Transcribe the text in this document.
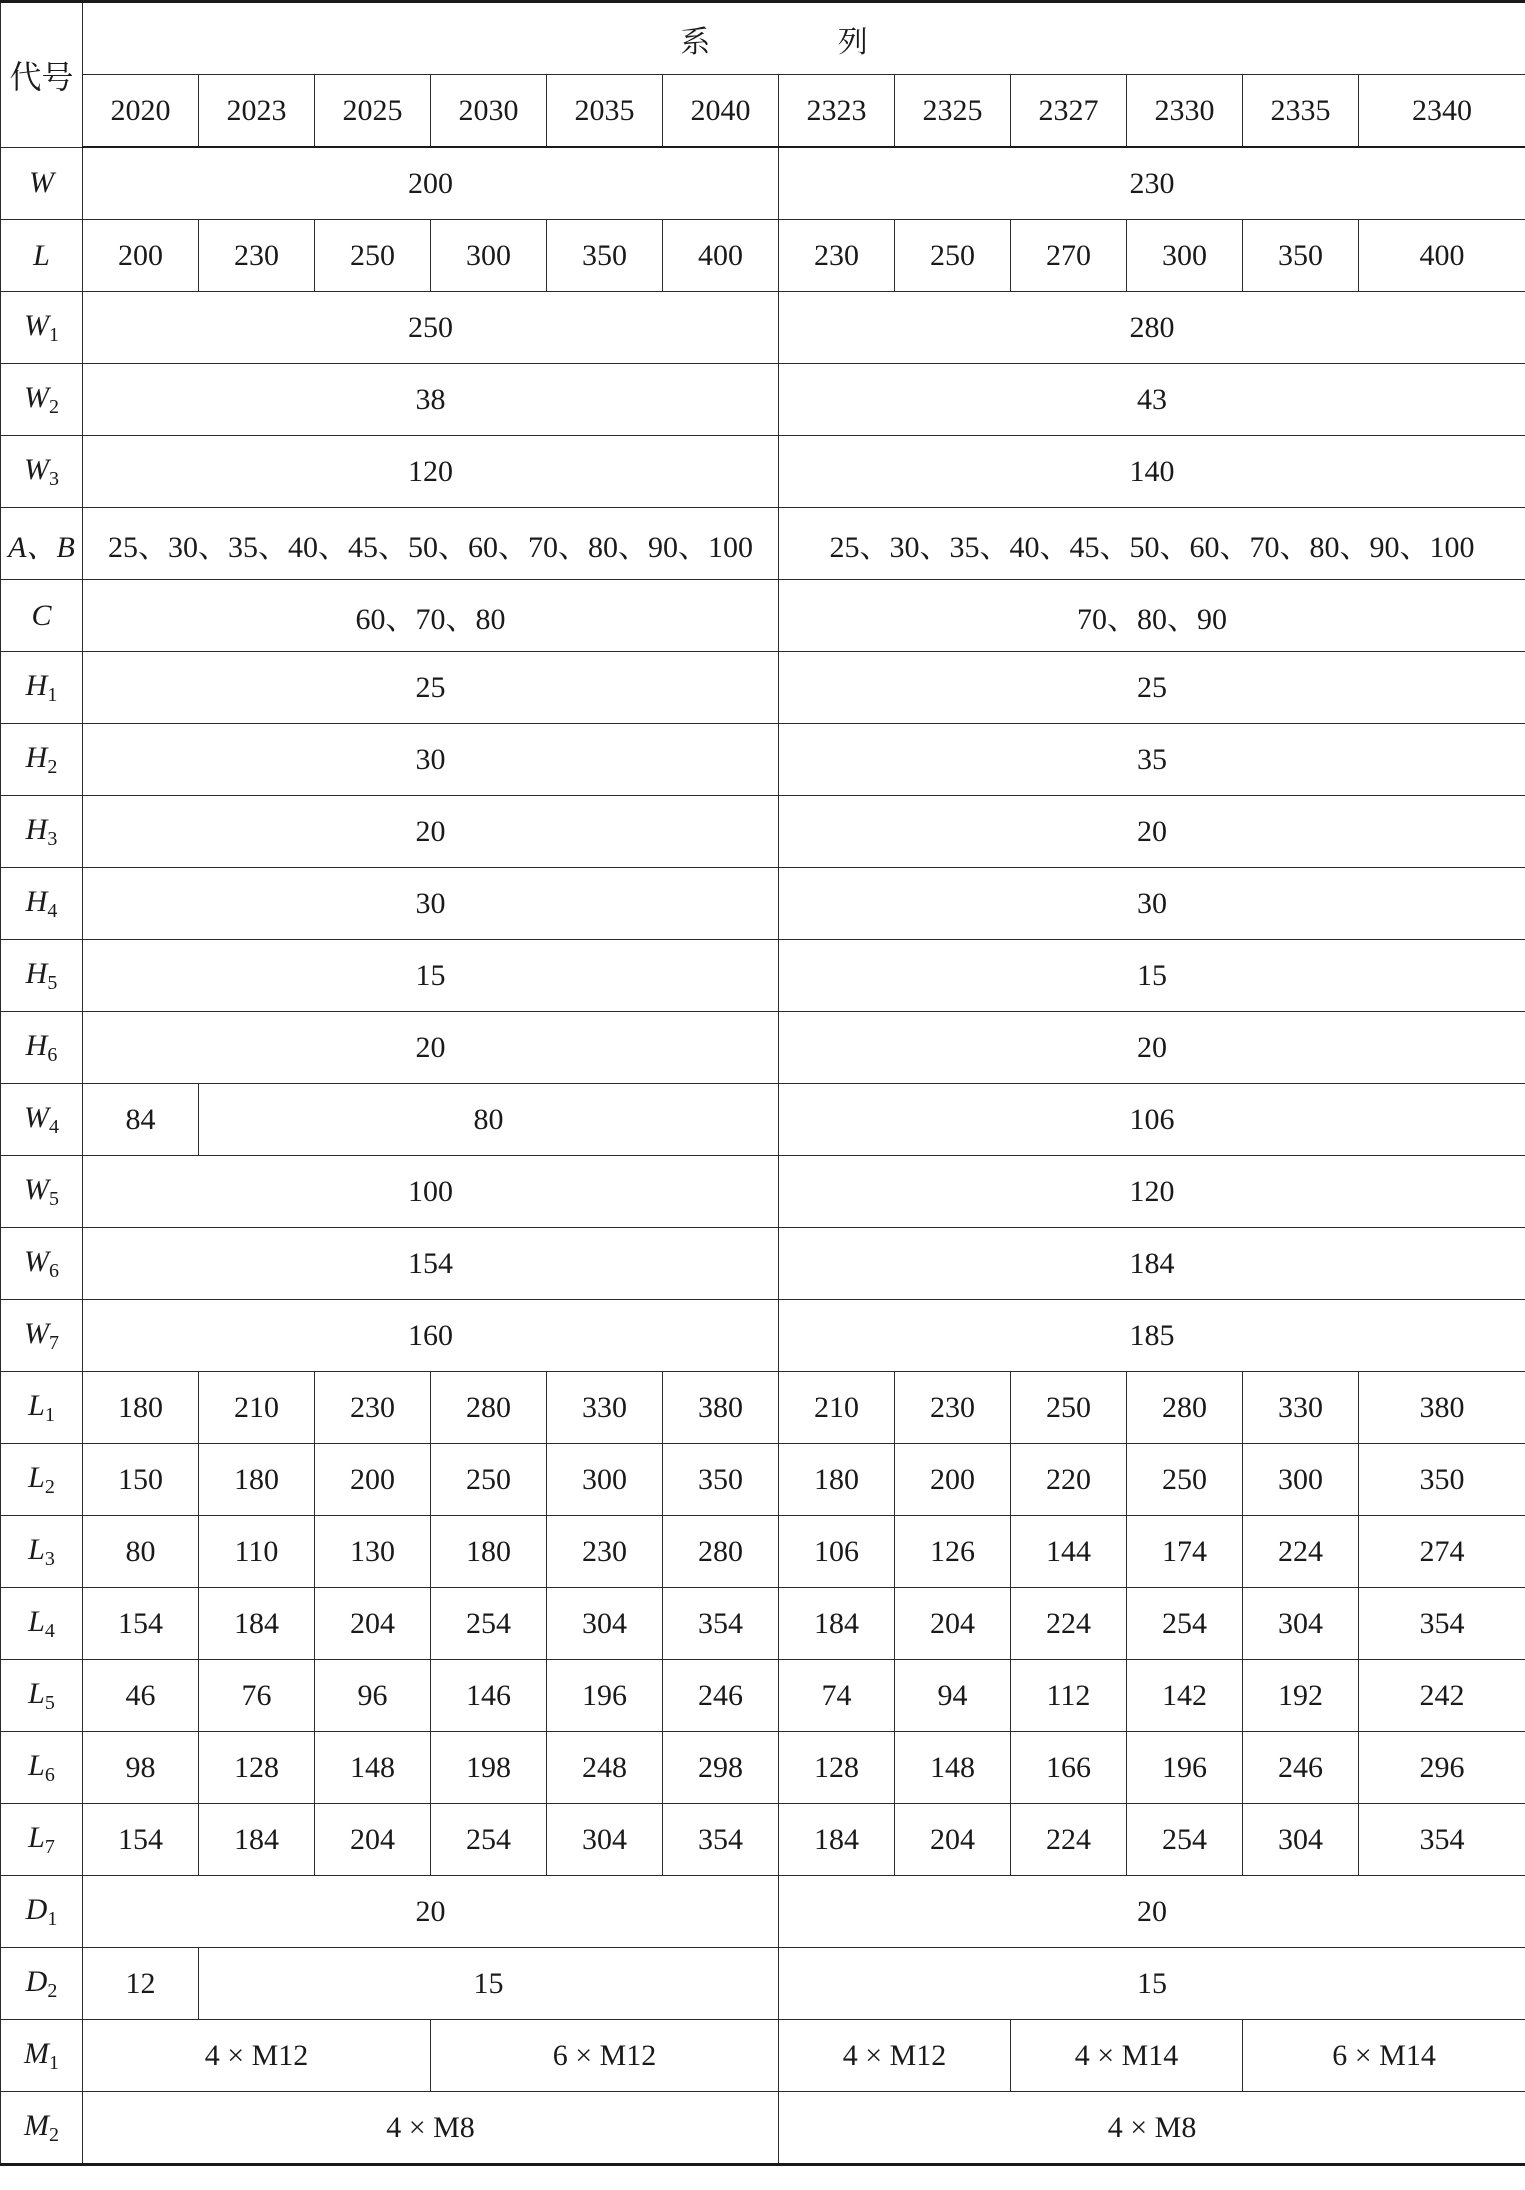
代号	系 列											
	2020	2023	2025	2030	2035	2040	2323	2325	2327	2330	2335	2340
W	200						230					
L	200	230	250	300	350	400	230	250	270	300	350	400
$W_1$	250						280					
$W_2$	38						43					
$W_3$	120						140					
A、B	25、30、35、40、45、50、60、70、80、90、100						25、30、35、40、45、50、60、70、80、90、100					
C	60、70、80						70、80、90					
$H_1$	25						25					
$H_2$	30						35					
$H_3$	20						20					
$H_4$	30						30					
$H_5$	15						15					
$H_6$	20						20					
$W_4$	84	80					106					
$W_5$	100						120					
$W_6$	154						184					
$W_7$	160						185					
$L_1$	180	210	230	280	330	380	210	230	250	280	330	380
$L_2$	150	180	200	250	300	350	180	200	220	250	300	350
$L_3$	80	110	130	180	230	280	106	126	144	174	224	274
$L_4$	154	184	204	254	304	354	184	204	224	254	304	354
$L_5$	46	76	96	146	196	246	74	94	112	142	192	242
$L_6$	98	128	148	198	248	298	128	148	166	196	246	296
$L_7$	154	184	204	254	304	354	184	204	224	254	304	354
$D_1$	20						20					
$D_2$	12	15					15					
$M_1$	4 × M12			6 × M12			4 × M12		4 × M14		6 × M14	
$M_2$	4 × M8						4 × M8					
